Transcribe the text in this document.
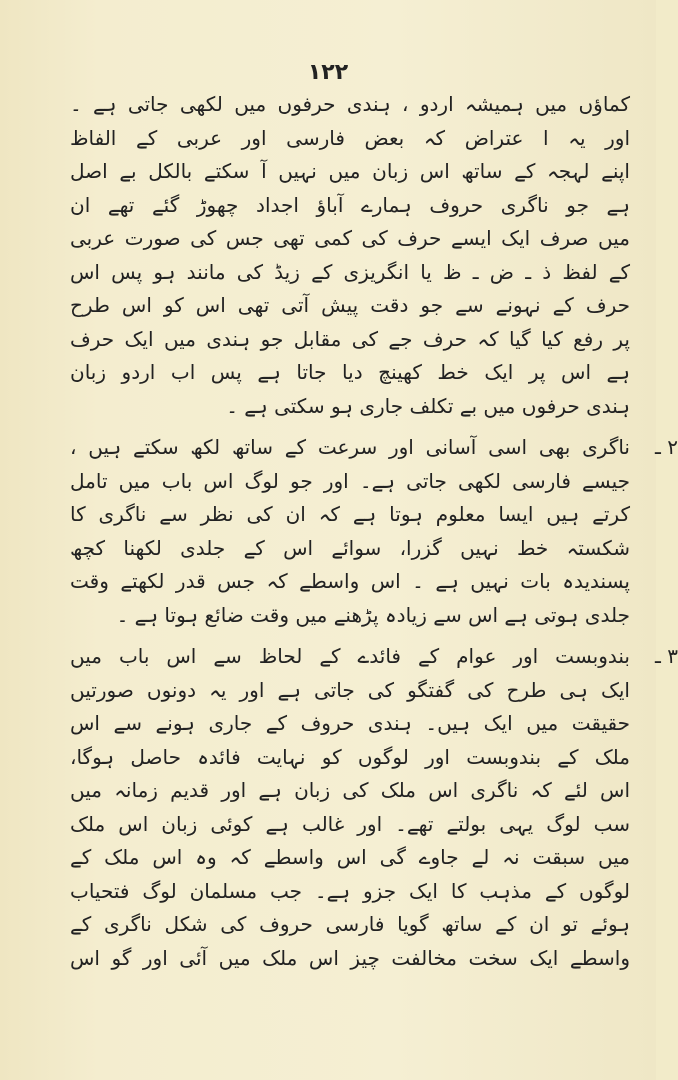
۱۲۲
کماؤں میں ہمیشہ اردو ، ہندی حرفوں میں لکھی جاتی ہے ۔
اور یہ ا عتراض کہ بعض فارسی اور عربی کے الفاظ
اپنے لہجہ کے ساتھ اس زبان میں نہیں آ سکتے بالکل بے اصل
ہے جو ناگری حروف ہمارے آباؤ اجداد چھوڑ گئے تھے ان
میں صرف ایک ایسے حرف کی کمی تھی جس کی صورت عربی
کے لفظ ذ ـ ض ـ ظ یا انگریزی کے زیڈ کی مانند ہو پس اس
حرف کے نہونے سے جو دقت پیش آتی تھی اس کو اس طرح
پر رفع کیا گیا کہ حرف جے کی مقابل جو ہندی میں ایک حرف
ہے اس پر ایک خط کھینچ دیا جاتا ہے پس اب اردو زبان
ہندی حرفوں میں بے تکلف جاری ہو سکتی ہے ۔
۲ ـ
ناگری بھی اسی آسانی اور سرعت کے ساتھ لکھ سکتے ہیں ،
جیسے فارسی لکھی جاتی ہے۔ اور جو لوگ اس باب میں تامل
کرتے ہیں ایسا معلوم ہوتا ہے کہ ان کی نظر سے ناگری کا
شکستہ خط نہیں گزرا، سوائے اس کے جلدی لکھنا کچھ
پسندیدہ بات نہیں ہے ۔ اس واسطے کہ جس قدر لکھتے وقت
جلدی ہوتی ہے اس سے زیادہ پڑھنے میں وقت ضائع ہوتا ہے ۔
۳ ـ
بندوبست اور عوام کے فائدے کے لحاظ سے اس باب میں
ایک ہی طرح کی گفتگو کی جاتی ہے اور یہ دونوں صورتیں
حقیقت میں ایک ہیں۔ ہندی حروف کے جاری ہونے سے اس
ملک کے بندوبست اور لوگوں کو نہایت فائدہ حاصل ہوگا،
اس لئے کہ ناگری اس ملک کی زبان ہے اور قدیم زمانہ میں
سب لوگ یہی بولتے تھے۔ اور غالب ہے کوئی زبان اس ملک
میں سبقت نہ لے جاوے گی اس واسطے کہ وہ اس ملک کے
لوگوں کے مذہب کا ایک جزو ہے۔ جب مسلمان لوگ فتحیاب
ہوئے تو ان کے ساتھ گویا فارسی حروف کی شکل ناگری کے
واسطے ایک سخت مخالفت چیز اس ملک میں آئی اور گو اس
